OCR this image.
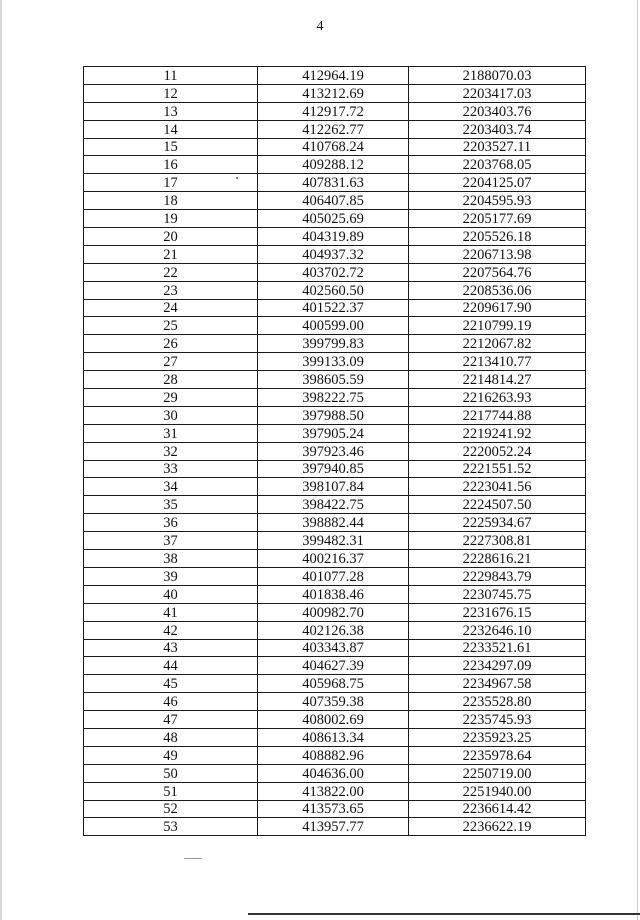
4
11	412964.19	2188070.03
12	413212.69	2203417.03
13	412917.72	2203403.76
14	412262.77	2203403.74
15	410768.24	2203527.11
16	409288.12	2203768.05
17	407831.63	2204125.07
18	406407.85	2204595.93
19	405025.69	2205177.69
20	404319.89	2205526.18
21	404937.32	2206713.98
22	403702.72	2207564.76
23	402560.50	2208536.06
24	401522.37	2209617.90
25	400599.00	2210799.19
26	399799.83	2212067.82
27	399133.09	2213410.77
28	398605.59	2214814.27
29	398222.75	2216263.93
30	397988.50	2217744.88
31	397905.24	2219241.92
32	397923.46	2220052.24
33	397940.85	2221551.52
34	398107.84	2223041.56
35	398422.75	2224507.50
36	398882.44	2225934.67
37	399482.31	2227308.81
38	400216.37	2228616.21
39	401077.28	2229843.79
40	401838.46	2230745.75
41	400982.70	2231676.15
42	402126.38	2232646.10
43	403343.87	2233521.61
44	404627.39	2234297.09
45	405968.75	2234967.58
46	407359.38	2235528.80
47	408002.69	2235745.93
48	408613.34	2235923.25
49	408882.96	2235978.64
50	404636.00	2250719.00
51	413822.00	2251940.00
52	413573.65	2236614.42
53	413957.77	2236622.19
